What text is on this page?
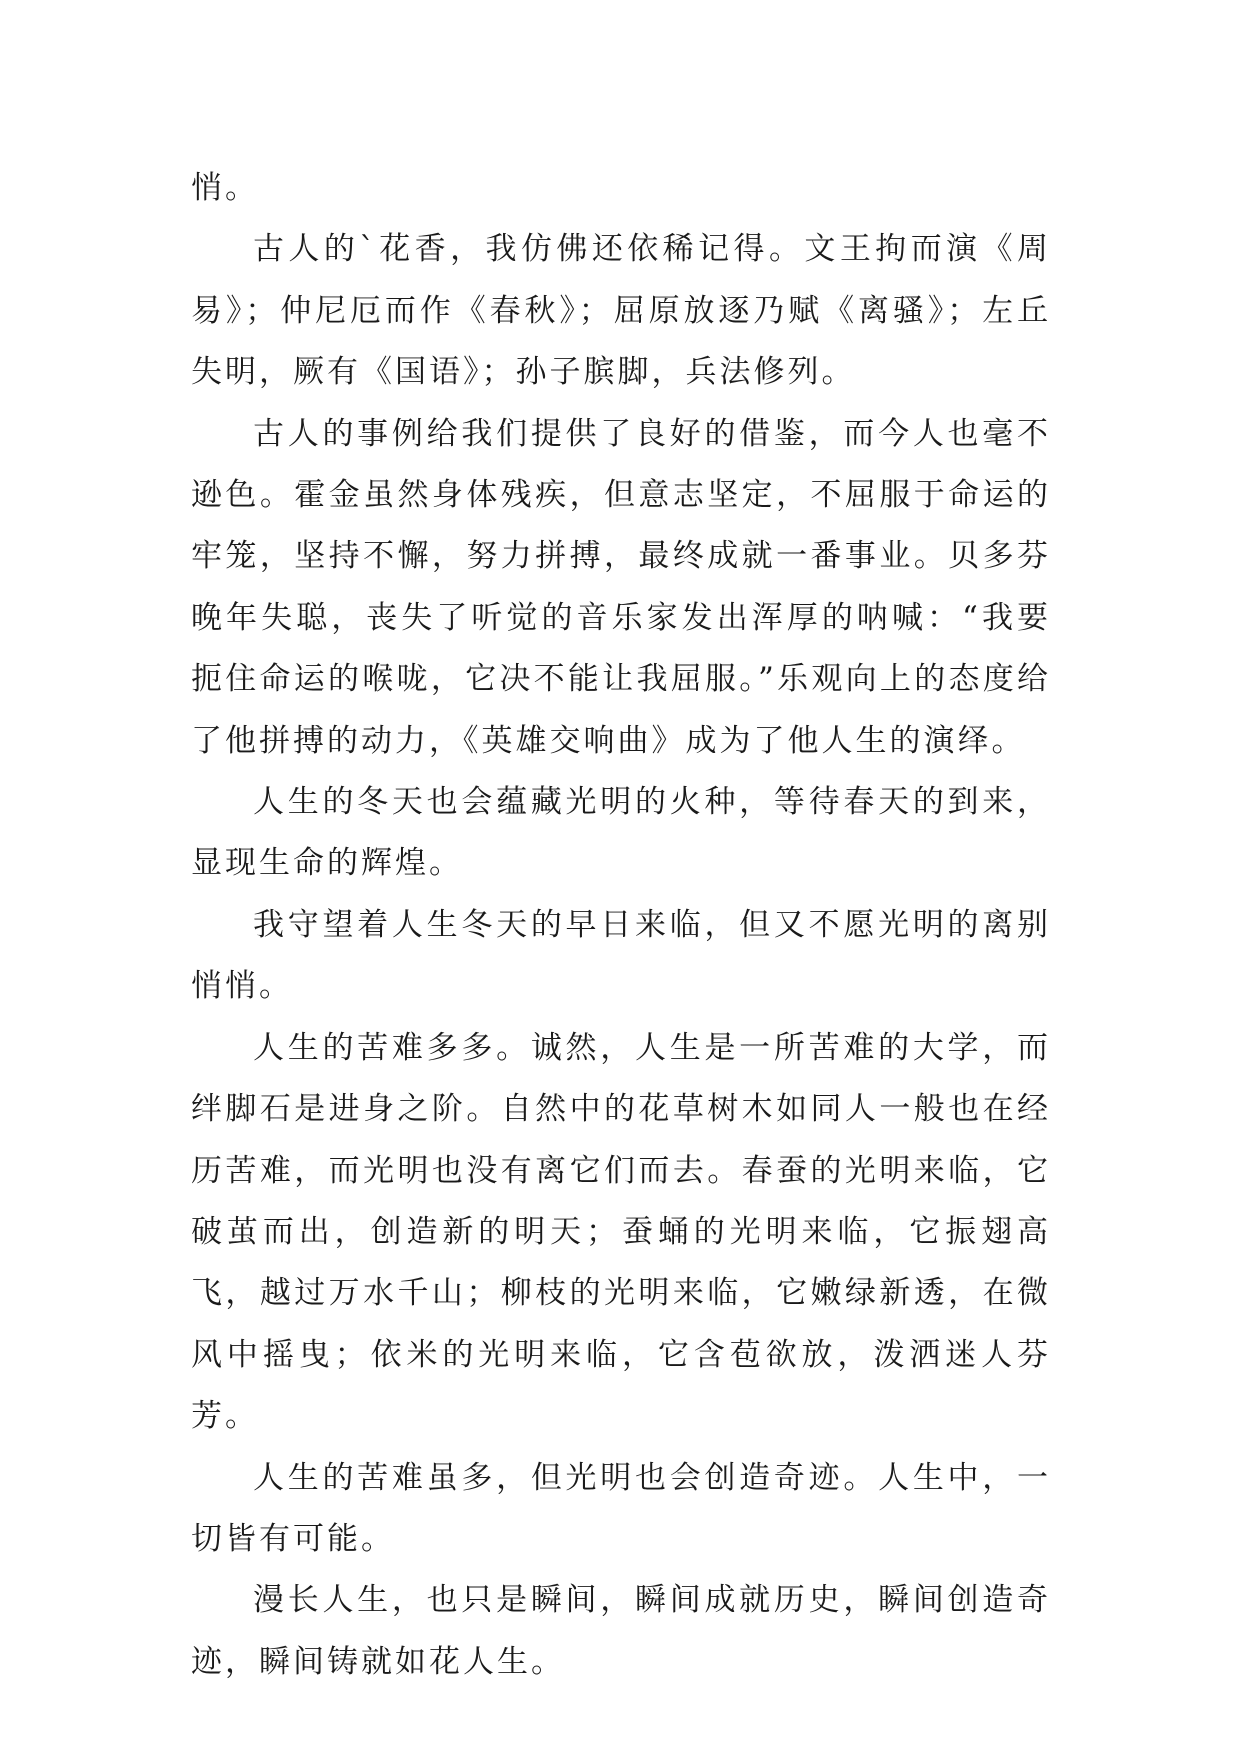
悄。

古人的`花香，我仿佛还依稀记得。文王拘而演《周易》；仲尼厄而作《春秋》；屈原放逐乃赋《离骚》；左丘失明，厥有《国语》；孙子膑脚，兵法修列。

古人的事例给我们提供了良好的借鉴，而今人也毫不逊色。霍金虽然身体残疾，但意志坚定，不屈服于命运的牢笼，坚持不懈，努力拼搏，最终成就一番事业。贝多芬晚年失聪，丧失了听觉的音乐家发出浑厚的呐喊：“我要扼住命运的喉咙，它决不能让我屈服。”乐观向上的态度给了他拼搏的动力，《英雄交响曲》成为了他人生的演绎。

人生的冬天也会蕴藏光明的火种，等待春天的到来，显现生命的辉煌。

我守望着人生冬天的早日来临，但又不愿光明的离别悄悄。

人生的苦难多多。诚然，人生是一所苦难的大学，而绊脚石是进身之阶。自然中的花草树木如同人一般也在经历苦难，而光明也没有离它们而去。春蚕的光明来临，它破茧而出，创造新的明天；蚕蛹的光明来临，它振翅高飞，越过万水千山；柳枝的光明来临，它嫩绿新透，在微风中摇曳；依米的光明来临，它含苞欲放，泼洒迷人芬芳。

人生的苦难虽多，但光明也会创造奇迹。人生中，一切皆有可能。

漫长人生，也只是瞬间，瞬间成就历史，瞬间创造奇迹，瞬间铸就如花人生。
